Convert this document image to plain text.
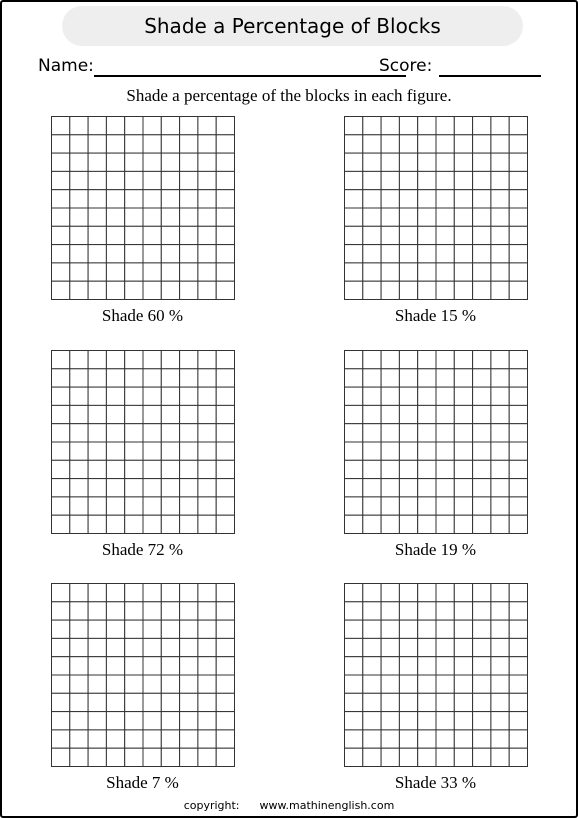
Shade a Percentage of Blocks
Name:	Score:
Shade a percentage of the blocks in each figure.
Shade 60 %	Shade 15 %
Shade 72 %	Shade 19 %
Shade 7 %	Shade 33 %
copyright: www.mathinenglish.com
